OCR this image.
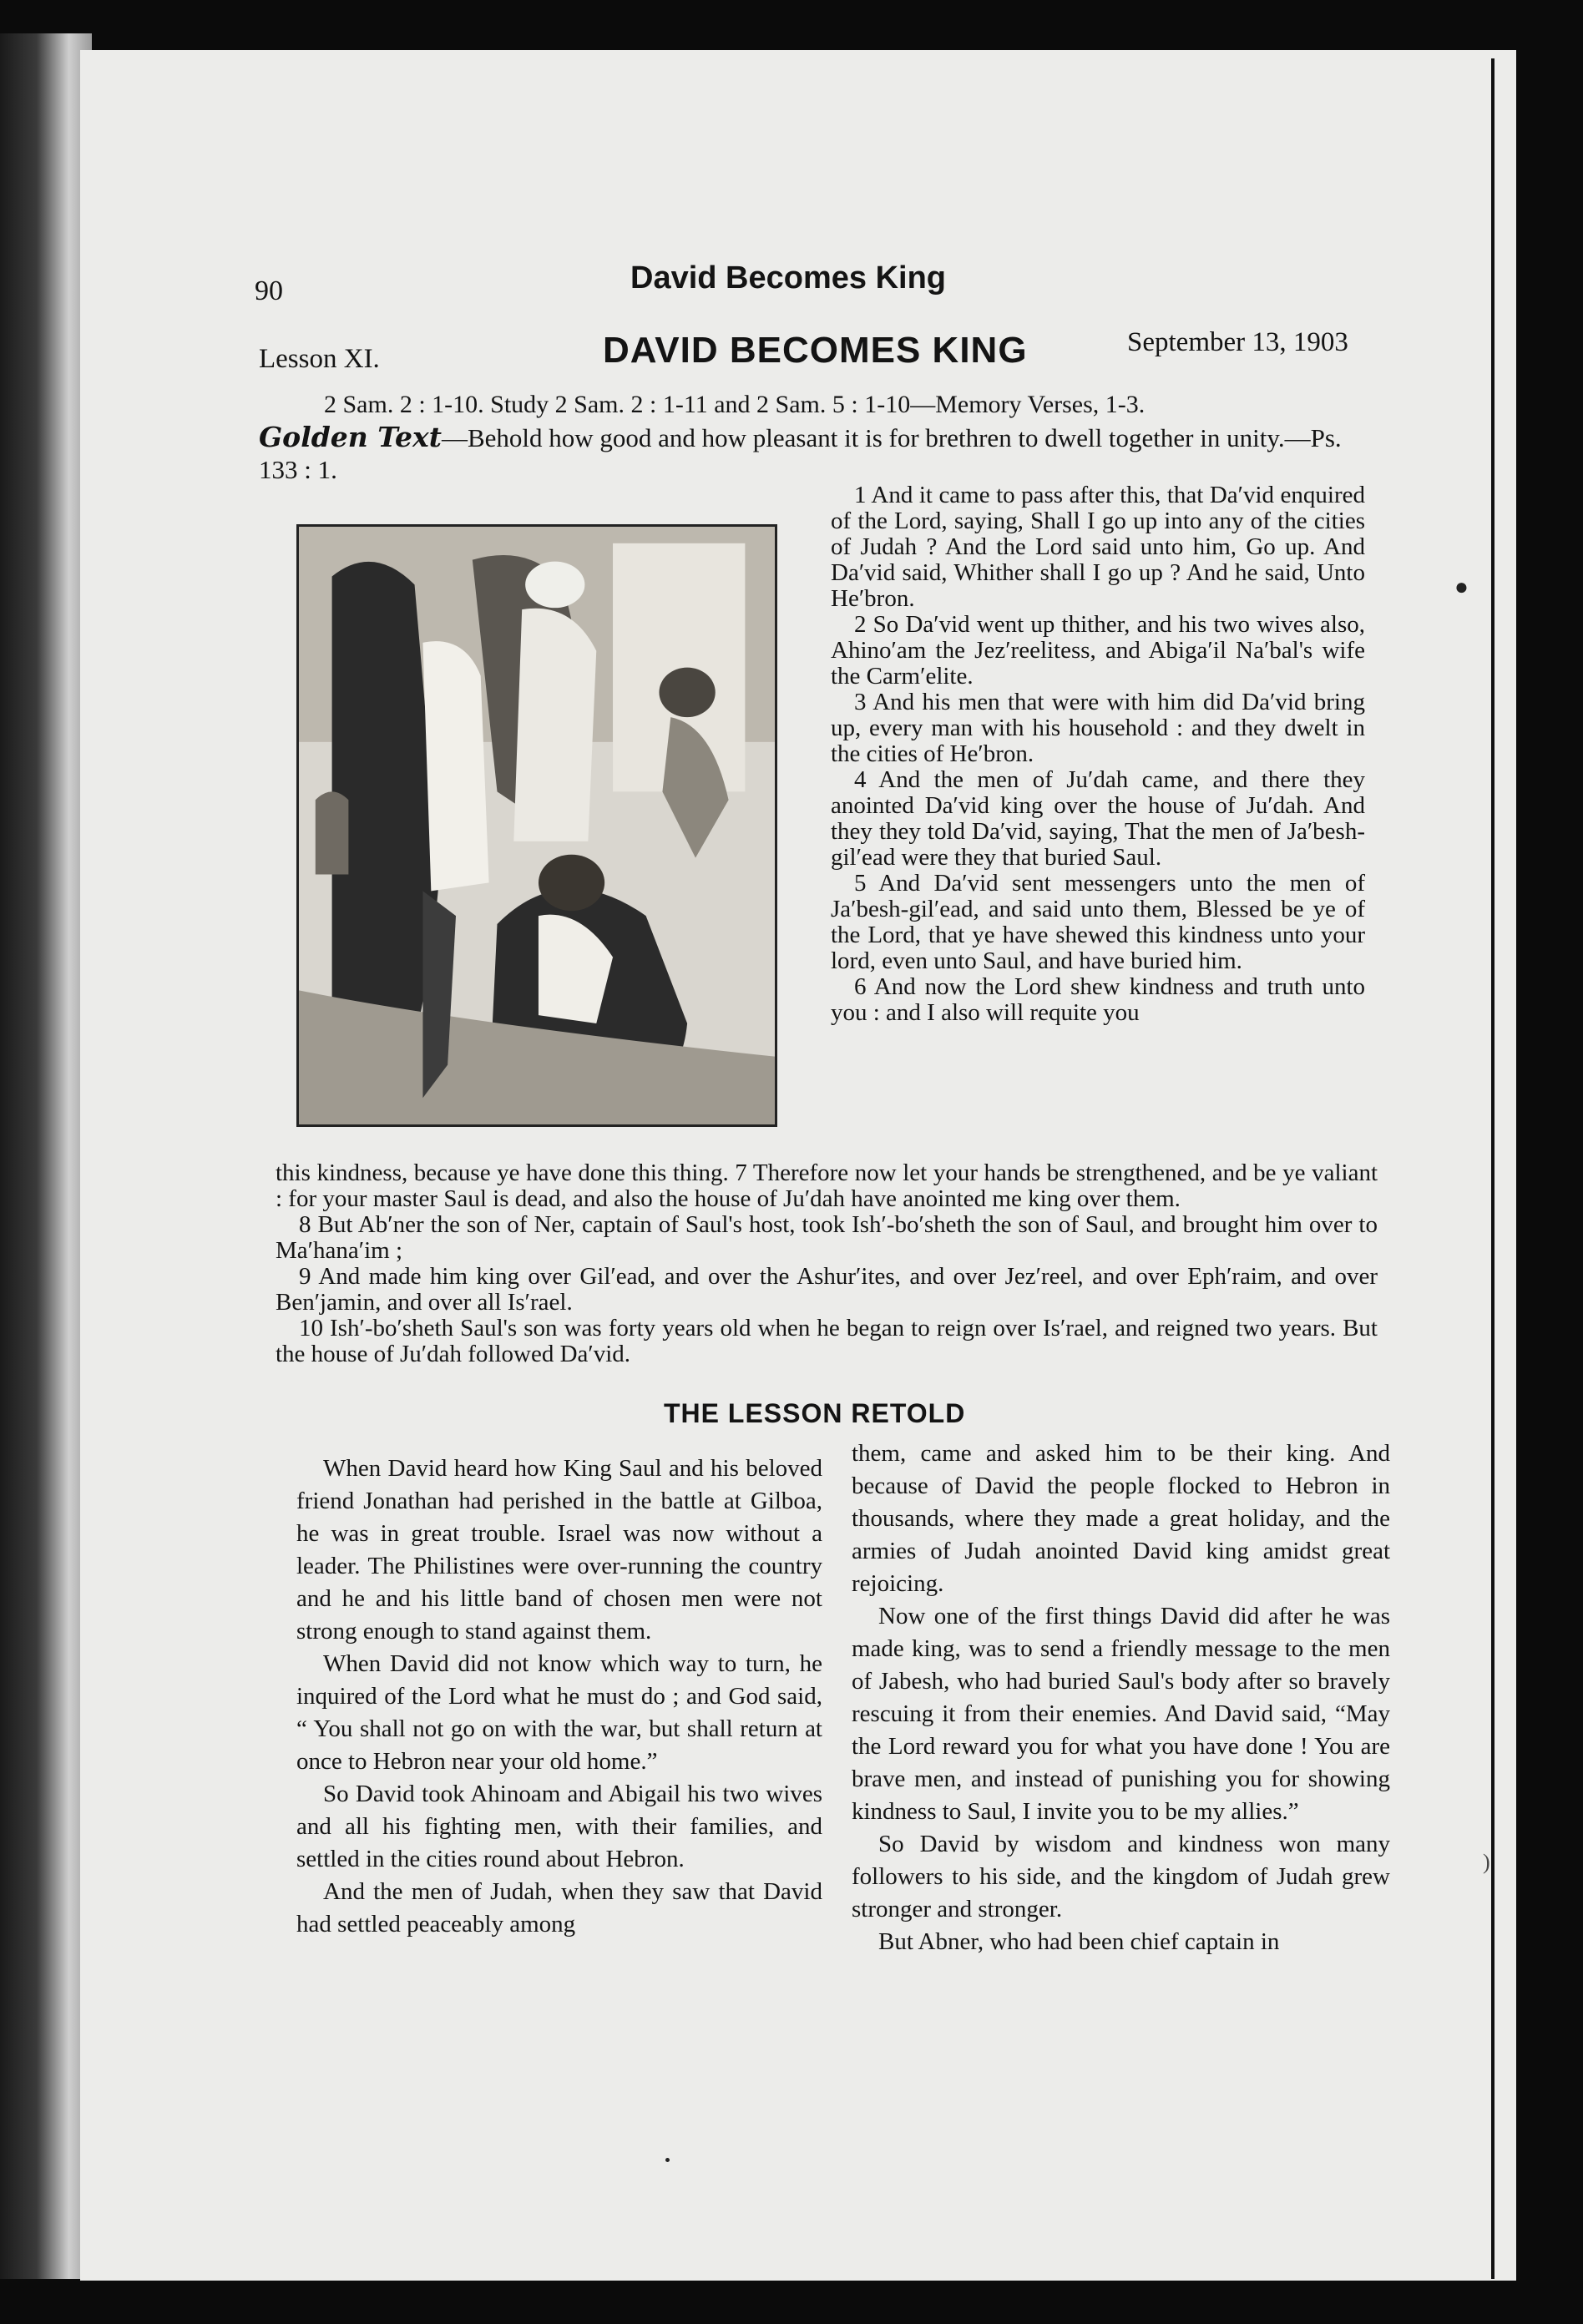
90	David Becomes King
Lesson XI.	DAVID BECOMES KING	September 13, 1903
2 Sam. 2 : 1-10. Study 2 Sam. 2 : 1-11 and 2 Sam. 5 : 1-10—Memory Verses, 1-3.
Golden Text—Behold how good and how pleasant it is for brethren to dwell together in unity.—Ps. 133 : 1.

1 And it came to pass after this, that Da′vid enquired of the Lord, saying, Shall I go up into any of the cities of Judah ? And the Lord said unto him, Go up. And Da′vid said, Whither shall I go up ? And he said, Unto He′bron.

2 So Da′vid went up thither, and his two wives also, Ahino′am the Jez′reelitess, and Abiga′il Na′bal's wife the Carm′elite.

3 And his men that were with him did Da′vid bring up, every man with his household : and they dwelt in the cities of He′bron.

4 And the men of Ju′dah came, and there they anointed Da′vid king over the house of Ju′dah. And they they told Da′vid, saying, That the men of Ja′besh-gil′ead were they that buried Saul.

5 And Da′vid sent messengers unto the men of Ja′besh-gil′ead, and said unto them, Blessed be ye of the Lord, that ye have shewed this kindness unto your lord, even unto Saul, and have buried him.

6 And now the Lord shew kindness and truth unto you : and I also will requite you

this kindness, because ye have done this thing. 7 Therefore now let your hands be strengthened, and be ye valiant : for your master Saul is dead, and also the house of Ju′dah have anointed me king over them.

8 But Ab′ner the son of Ner, captain of Saul's host, took Ish′-bo′sheth the son of Saul, and brought him over to Ma′hana′im ;

9 And made him king over Gil′ead, and over the Ashur′ites, and over Jez′reel, and over Eph′raim, and over Ben′jamin, and over all Is′rael.

10 Ish′-bo′sheth Saul's son was forty years old when he began to reign over Is′rael, and reigned two years. But the house of Ju′dah followed Da′vid.

THE LESSON RETOLD

When David heard how King Saul and his beloved friend Jonathan had perished in the battle at Gilboa, he was in great trouble. Israel was now without a leader. The Philistines were over-running the country and he and his little band of chosen men were not strong enough to stand against them.

When David did not know which way to turn, he inquired of the Lord what he must do ; and God said, “ You shall not go on with the war, but shall return at once to Hebron near your old home.”

So David took Ahinoam and Abigail his two wives and all his fighting men, with their families, and settled in the cities round about Hebron.

And the men of Judah, when they saw that David had settled peaceably among

them, came and asked him to be their king. And because of David the people flocked to Hebron in thousands, where they made a great holiday, and the armies of Judah anointed David king amidst great rejoicing.

Now one of the first things David did after he was made king, was to send a friendly message to the men of Jabesh, who had buried Saul's body after so bravely rescuing it from their enemies. And David said, “May the Lord reward you for what you have done ! You are brave men, and instead of punishing you for showing kindness to Saul, I invite you to be my allies.”

So David by wisdom and kindness won many followers to his side, and the kingdom of Judah grew stronger and stronger.

But Abner, who had been chief captain in

●
)
